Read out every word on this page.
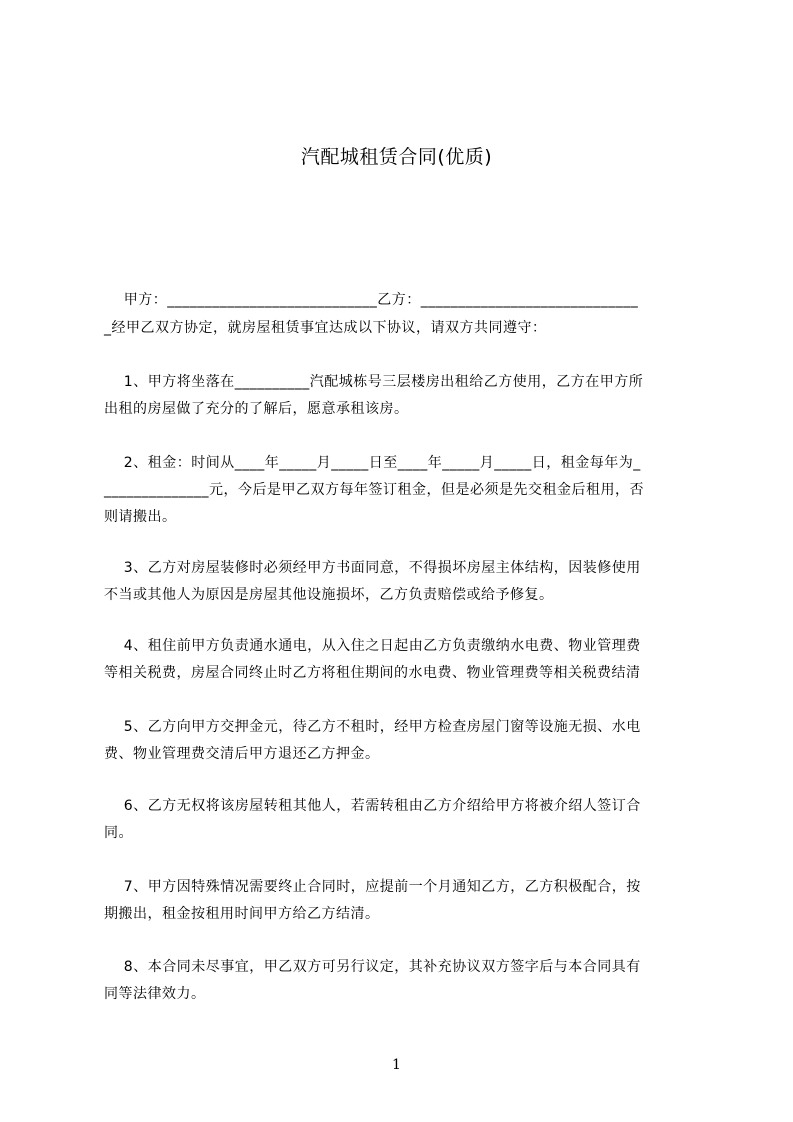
汽配城租赁合同(优质)
甲方：____________________________乙方：_____________________________
_经甲乙双方协定，就房屋租赁事宜达成以下协议，请双方共同遵守：
1、甲方将坐落在__________汽配城栋号三层楼房出租给乙方使用，乙方在甲方所
出租的房屋做了充分的了解后，愿意承租该房。
2、租金：时间从____年_____月_____日至____年_____月_____日，租金每年为_
______________元，今后是甲乙双方每年签订租金，但是必须是先交租金后租用，否
则请搬出。
3、乙方对房屋装修时必须经甲方书面同意，不得损坏房屋主体结构，因装修使用
不当或其他人为原因是房屋其他设施损坏，乙方负责赔偿或给予修复。
4、租住前甲方负责通水通电，从入住之日起由乙方负责缴纳水电费、物业管理费
等相关税费，房屋合同终止时乙方将租住期间的水电费、物业管理费等相关税费结清
5、乙方向甲方交押金元，待乙方不租时，经甲方检查房屋门窗等设施无损、水电
费、物业管理费交清后甲方退还乙方押金。
6、乙方无权将该房屋转租其他人，若需转租由乙方介绍给甲方将被介绍人签订合
同。
7、甲方因特殊情况需要终止合同时，应提前一个月通知乙方，乙方积极配合，按
期搬出，租金按租用时间甲方给乙方结清。
8、本合同未尽事宜，甲乙双方可另行议定，其补充协议双方签字后与本合同具有
同等法律效力。
1
